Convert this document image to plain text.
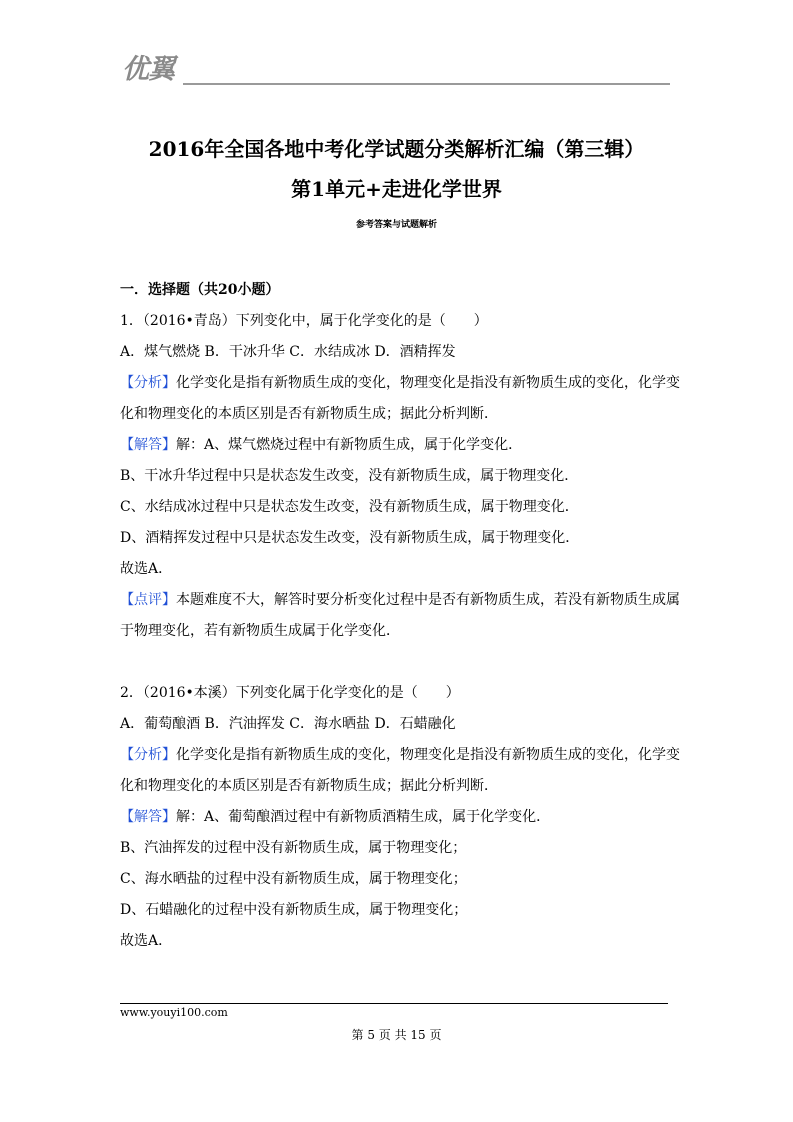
优翼
2016年全国各地中考化学试题分类解析汇编（第三辑）
第1单元+走进化学世界
参考答案与试题解析
一．选择题（共20小题）
1．（2016•青岛）下列变化中，属于化学变化的是（　　）
A．煤气燃烧 B．干冰升华 C．水结成冰 D．酒精挥发
【分析】化学变化是指有新物质生成的变化，物理变化是指没有新物质生成的变化，化学变化和物理变化的本质区别是否有新物质生成；据此分析判断．
【解答】解：A、煤气燃烧过程中有新物质生成，属于化学变化．
B、干冰升华过程中只是状态发生改变，没有新物质生成，属于物理变化．
C、水结成冰过程中只是状态发生改变，没有新物质生成，属于物理变化．
D、酒精挥发过程中只是状态发生改变，没有新物质生成，属于物理变化．
故选A．
【点评】本题难度不大，解答时要分析变化过程中是否有新物质生成，若没有新物质生成属于物理变化，若有新物质生成属于化学变化．
2．（2016•本溪）下列变化属于化学变化的是（　　）
A．葡萄酿酒 B．汽油挥发 C．海水晒盐 D．石蜡融化
【分析】化学变化是指有新物质生成的变化，物理变化是指没有新物质生成的变化，化学变化和物理变化的本质区别是否有新物质生成；据此分析判断．
【解答】解：A、葡萄酿酒过程中有新物质酒精生成，属于化学变化．
B、汽油挥发的过程中没有新物质生成，属于物理变化；
C、海水晒盐的过程中没有新物质生成，属于物理变化；
D、石蜡融化的过程中没有新物质生成，属于物理变化；
故选A．
www.youyi100.com
第 5 页 共 15 页
